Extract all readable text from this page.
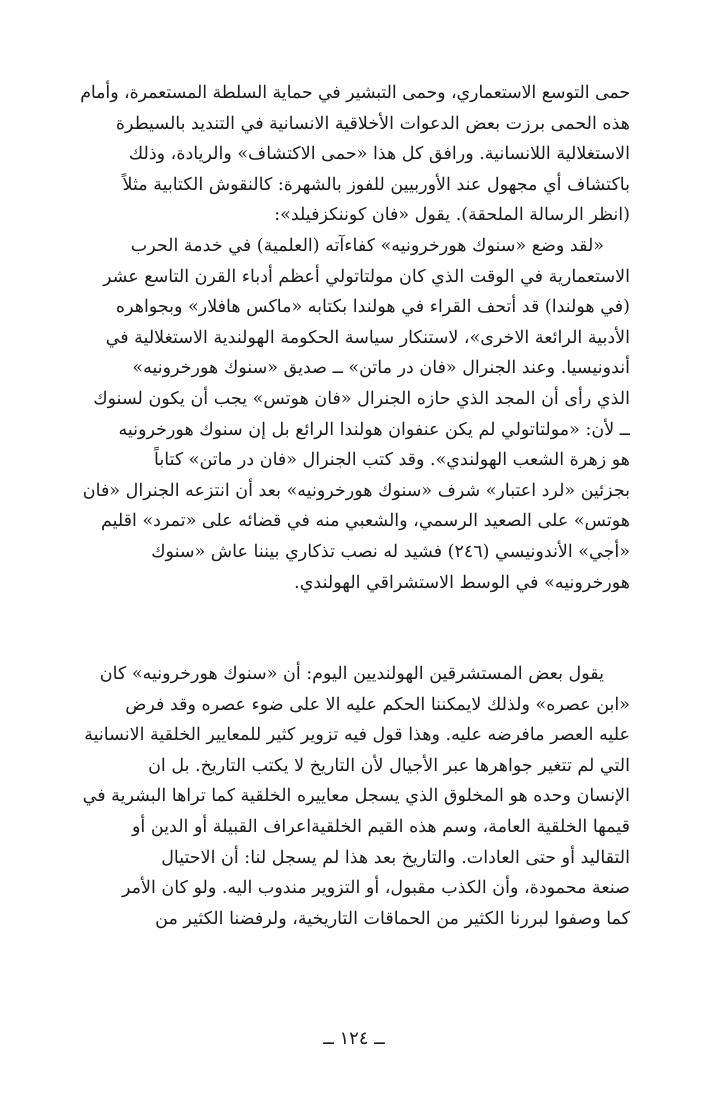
حمى التوسع الاستعماري، وحمى التبشير في حماية السلطة المستعمرة، وأمام
هذه الحمى برزت بعض الدعوات الأخلاقية الانسانية في التنديد بالسيطرة
الاستغلالية اللانسانية. ورافق كل هذا «حمى الاكتشاف» والريادة، وذلك
باكتشاف أي مجهول عند الأوربيين للفوز بالشهرة: كالنقوش الكتابية مثلاً
(انظر الرسالة الملحقة). يقول «فان كوننكزفيلد»:
«لقد وضع «سنوك هورخرونيه» كفاءآته (العلمية) في خدمة الحرب
الاستعمارية في الوقت الذي كان مولتاتولي أعظم أدباء القرن التاسع عشر
(في هولندا) قد أتحف القراء في هولندا بكتابه «ماكس هافلار» وبجواهره
الأدبية الرائعة الاخرى»، لاستنكار سياسة الحكومة الهولندية الاستغلالية في
أندونيسيا. وعند الجنرال «فان در ماتن» ــ صديق «سنوك هورخرونيه»
الذي رأى أن المجد الذي حازه الجنرال «فان هوتس» يجب أن يكون لسنوك
ــ لأن: «مولتاتولي لم يكن عنفوان هولندا الرائع بل إن سنوك هورخرونيه
هو زهرة الشعب الهولندي». وقد كتب الجنرال «فان در ماتن» كتاباً
بجزئين «لرد اعتبار» شرف «سنوك هورخرونيه» بعد أن انتزعه الجنرال «فان
هوتس» على الصعيد الرسمي، والشعبي منه في قضائه على «تمرد» اقليم
«أجي» الأندونيسي (٢٤٦) فشيد له نصب تذكاري بيننا عاش «سنوك
هورخرونيه» في الوسط الاستشراقي الهولندي.
يقول بعض المستشرقين الهولنديين اليوم: أن «سنوك هورخرونيه» كان
«ابن عصره» ولذلك لايمكننا الحكم عليه الا على ضوء عصره وقد فرض
عليه العصر مافرضه عليه. وهذا قول فيه تزوير كثير للمعايير الخلقية الانسانية
التي لم تتغير جواهرها عبر الأجيال لأن التاريخ لا يكتب التاريخ. بل ان
الإنسان وحده هو المخلوق الذي يسجل معاييره الخلقية كما تراها البشرية في
قيمها الخلقية العامة، وسم هذه القيم الخلقيةاعراف القبيلة أو الدين أو
التقاليد أو حتى العادات. والتاريخ بعد هذا لم يسجل لنا: أن الاحتيال
صنعة محمودة، وأن الكذب مقبول، أو التزوير مندوب اليه. ولو كان الأمر
كما وصفوا لبررنا الكثير من الحماقات التاريخية، ولرفضنا الكثير من
ــ ١٢٤ ــ
